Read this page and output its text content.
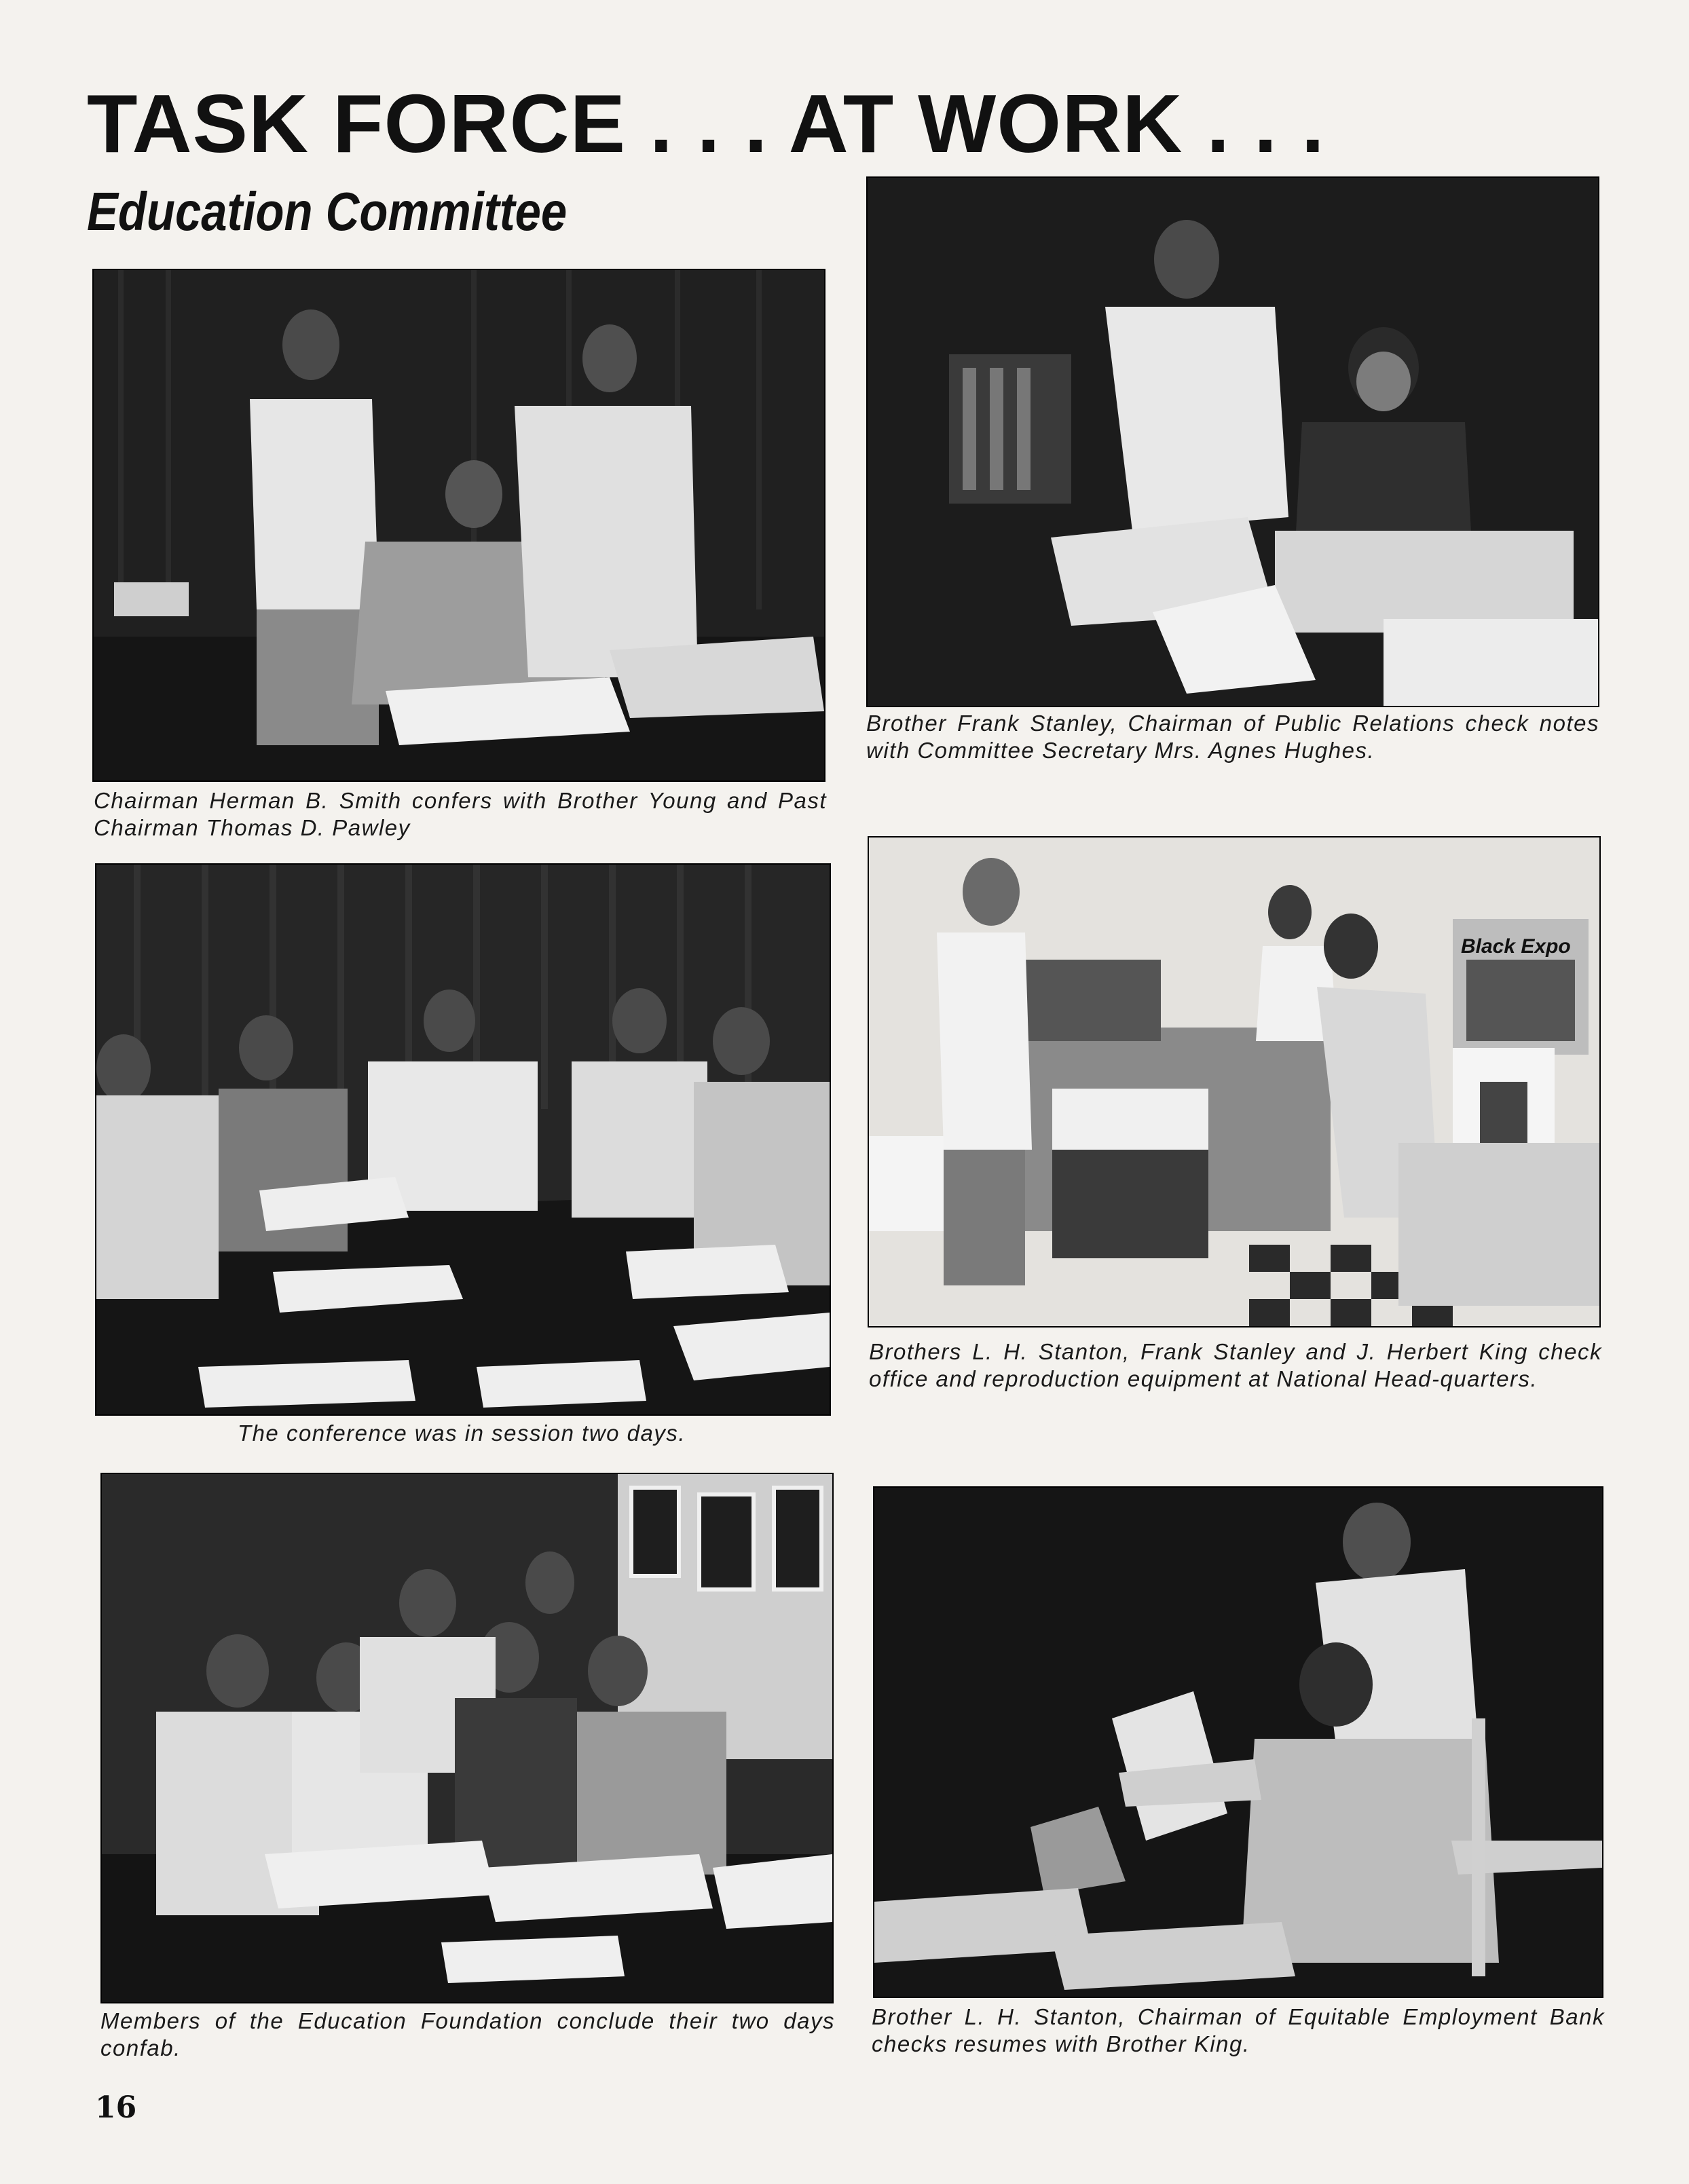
TASK FORCE . . . AT WORK . . .
Education Committee

Chairman Herman B. Smith confers with Brother Young and Past Chairman Thomas D. Pawley

Brother Frank Stanley, Chairman of Public Relations check notes with Committee Secretary Mrs. Agnes Hughes.

The conference was in session two days.

Black Expo

Brothers L. H. Stanton, Frank Stanley and J. Herbert King check office and reproduction equipment at National Head-quarters.

Members of the Education Foundation conclude their two days confab.

Brother L. H. Stanton, Chairman of Equitable Employment Bank checks resumes with Brother King.

16
